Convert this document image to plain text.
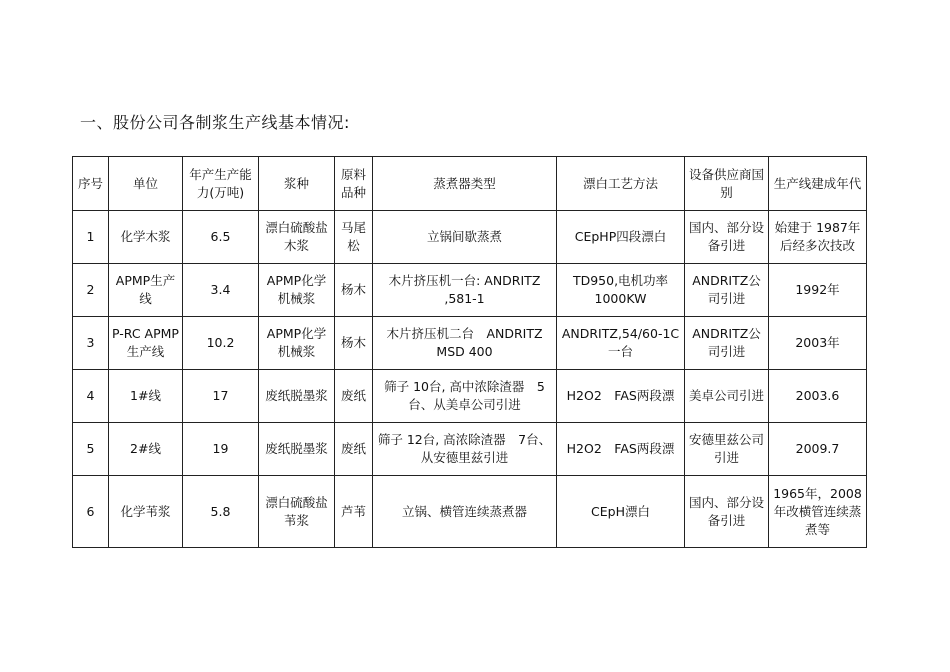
一、股份公司各制浆生产线基本情况:
序号	单位	年产生产能力(万吨)	浆种	原料品种	蒸煮器类型	漂白工艺方法	设备供应商国别	生产线建成年代
1	化学木浆	6.5	漂白硫酸盐木浆	马尾松	立锅间歇蒸煮	CEpHP四段漂白	国内、部分设备引进	始建于 1987年后经多次技改
2	APMP生产线	3.4	APMP化学机械浆	杨木	木片挤压机一台: ANDRITZ ,581-1	TD950,电机功率1000KW	ANDRITZ公司引进	1992年
3	P-RC APMP生产线	10.2	APMP化学机械浆	杨木	木片挤压机二台　ANDRITZ MSD 400	ANDRITZ,54/60-1C一台	ANDRITZ公司引进	2003年
4	1#线	17	废纸脱墨浆	废纸	筛子 10台, 高中浓除渣器　5台、从美卓公司引进	H2O2　FAS两段漂	美卓公司引进	2003.6
5	2#线	19	废纸脱墨浆	废纸	筛子 12台, 高浓除渣器　7台、从安德里兹引进	H2O2　FAS两段漂	安德里兹公司引进	2009.7
6	化学苇浆	5.8	漂白硫酸盐苇浆	芦苇	立锅、横管连续蒸煮器	CEpH漂白	国内、部分设备引进	1965年，2008年改横管连续蒸煮等
